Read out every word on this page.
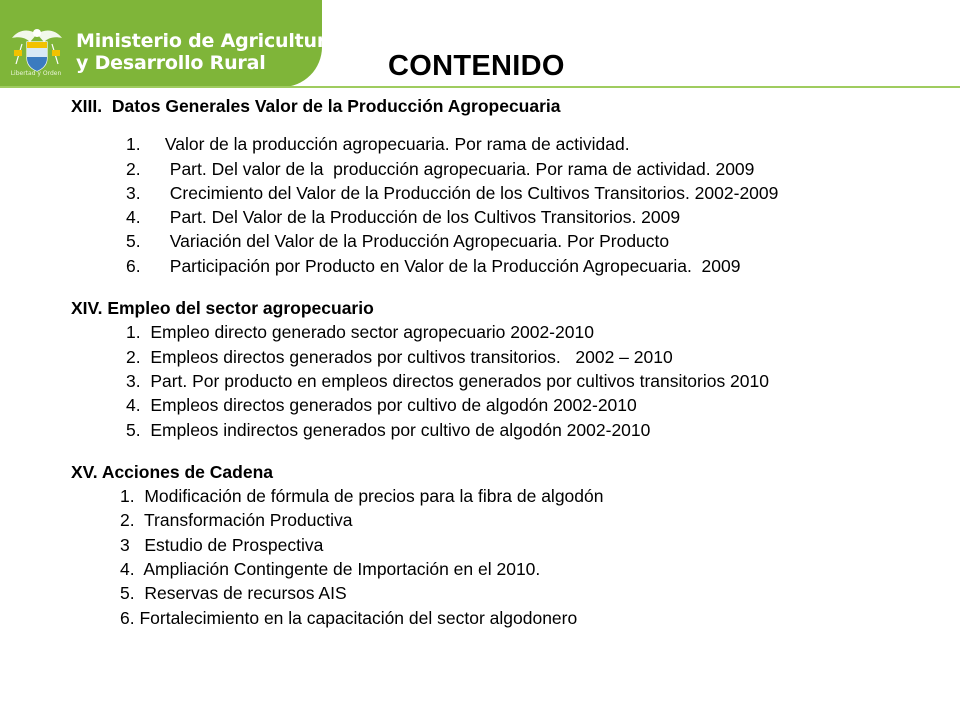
Libertad y Orden
Ministerio de Agricultura
y Desarrollo Rural	CONTENIDO
XIII.  Datos Generales Valor de la Producción Agropecuaria
1.     Valor de la producción agropecuaria. Por rama de actividad.
2.      Part. Del valor de la  producción agropecuaria. Por rama de actividad. 2009
3.      Crecimiento del Valor de la Producción de los Cultivos Transitorios. 2002-2009
4.      Part. Del Valor de la Producción de los Cultivos Transitorios. 2009
5.      Variación del Valor de la Producción Agropecuaria. Por Producto
6.      Participación por Producto en Valor de la Producción Agropecuaria.  2009
XIV. Empleo del sector agropecuario
1.  Empleo directo generado sector agropecuario 2002-2010
2.  Empleos directos generados por cultivos transitorios.   2002 – 2010
3.  Part. Por producto en empleos directos generados por cultivos transitorios 2010
4.  Empleos directos generados por cultivo de algodón 2002-2010
5.  Empleos indirectos generados por cultivo de algodón 2002-2010
XV. Acciones de Cadena
1.  Modificación de fórmula de precios para la fibra de algodón
2.  Transformación Productiva
3   Estudio de Prospectiva
4.  Ampliación Contingente de Importación en el 2010.
5.  Reservas de recursos AIS
6. Fortalecimiento en la capacitación del sector algodonero
